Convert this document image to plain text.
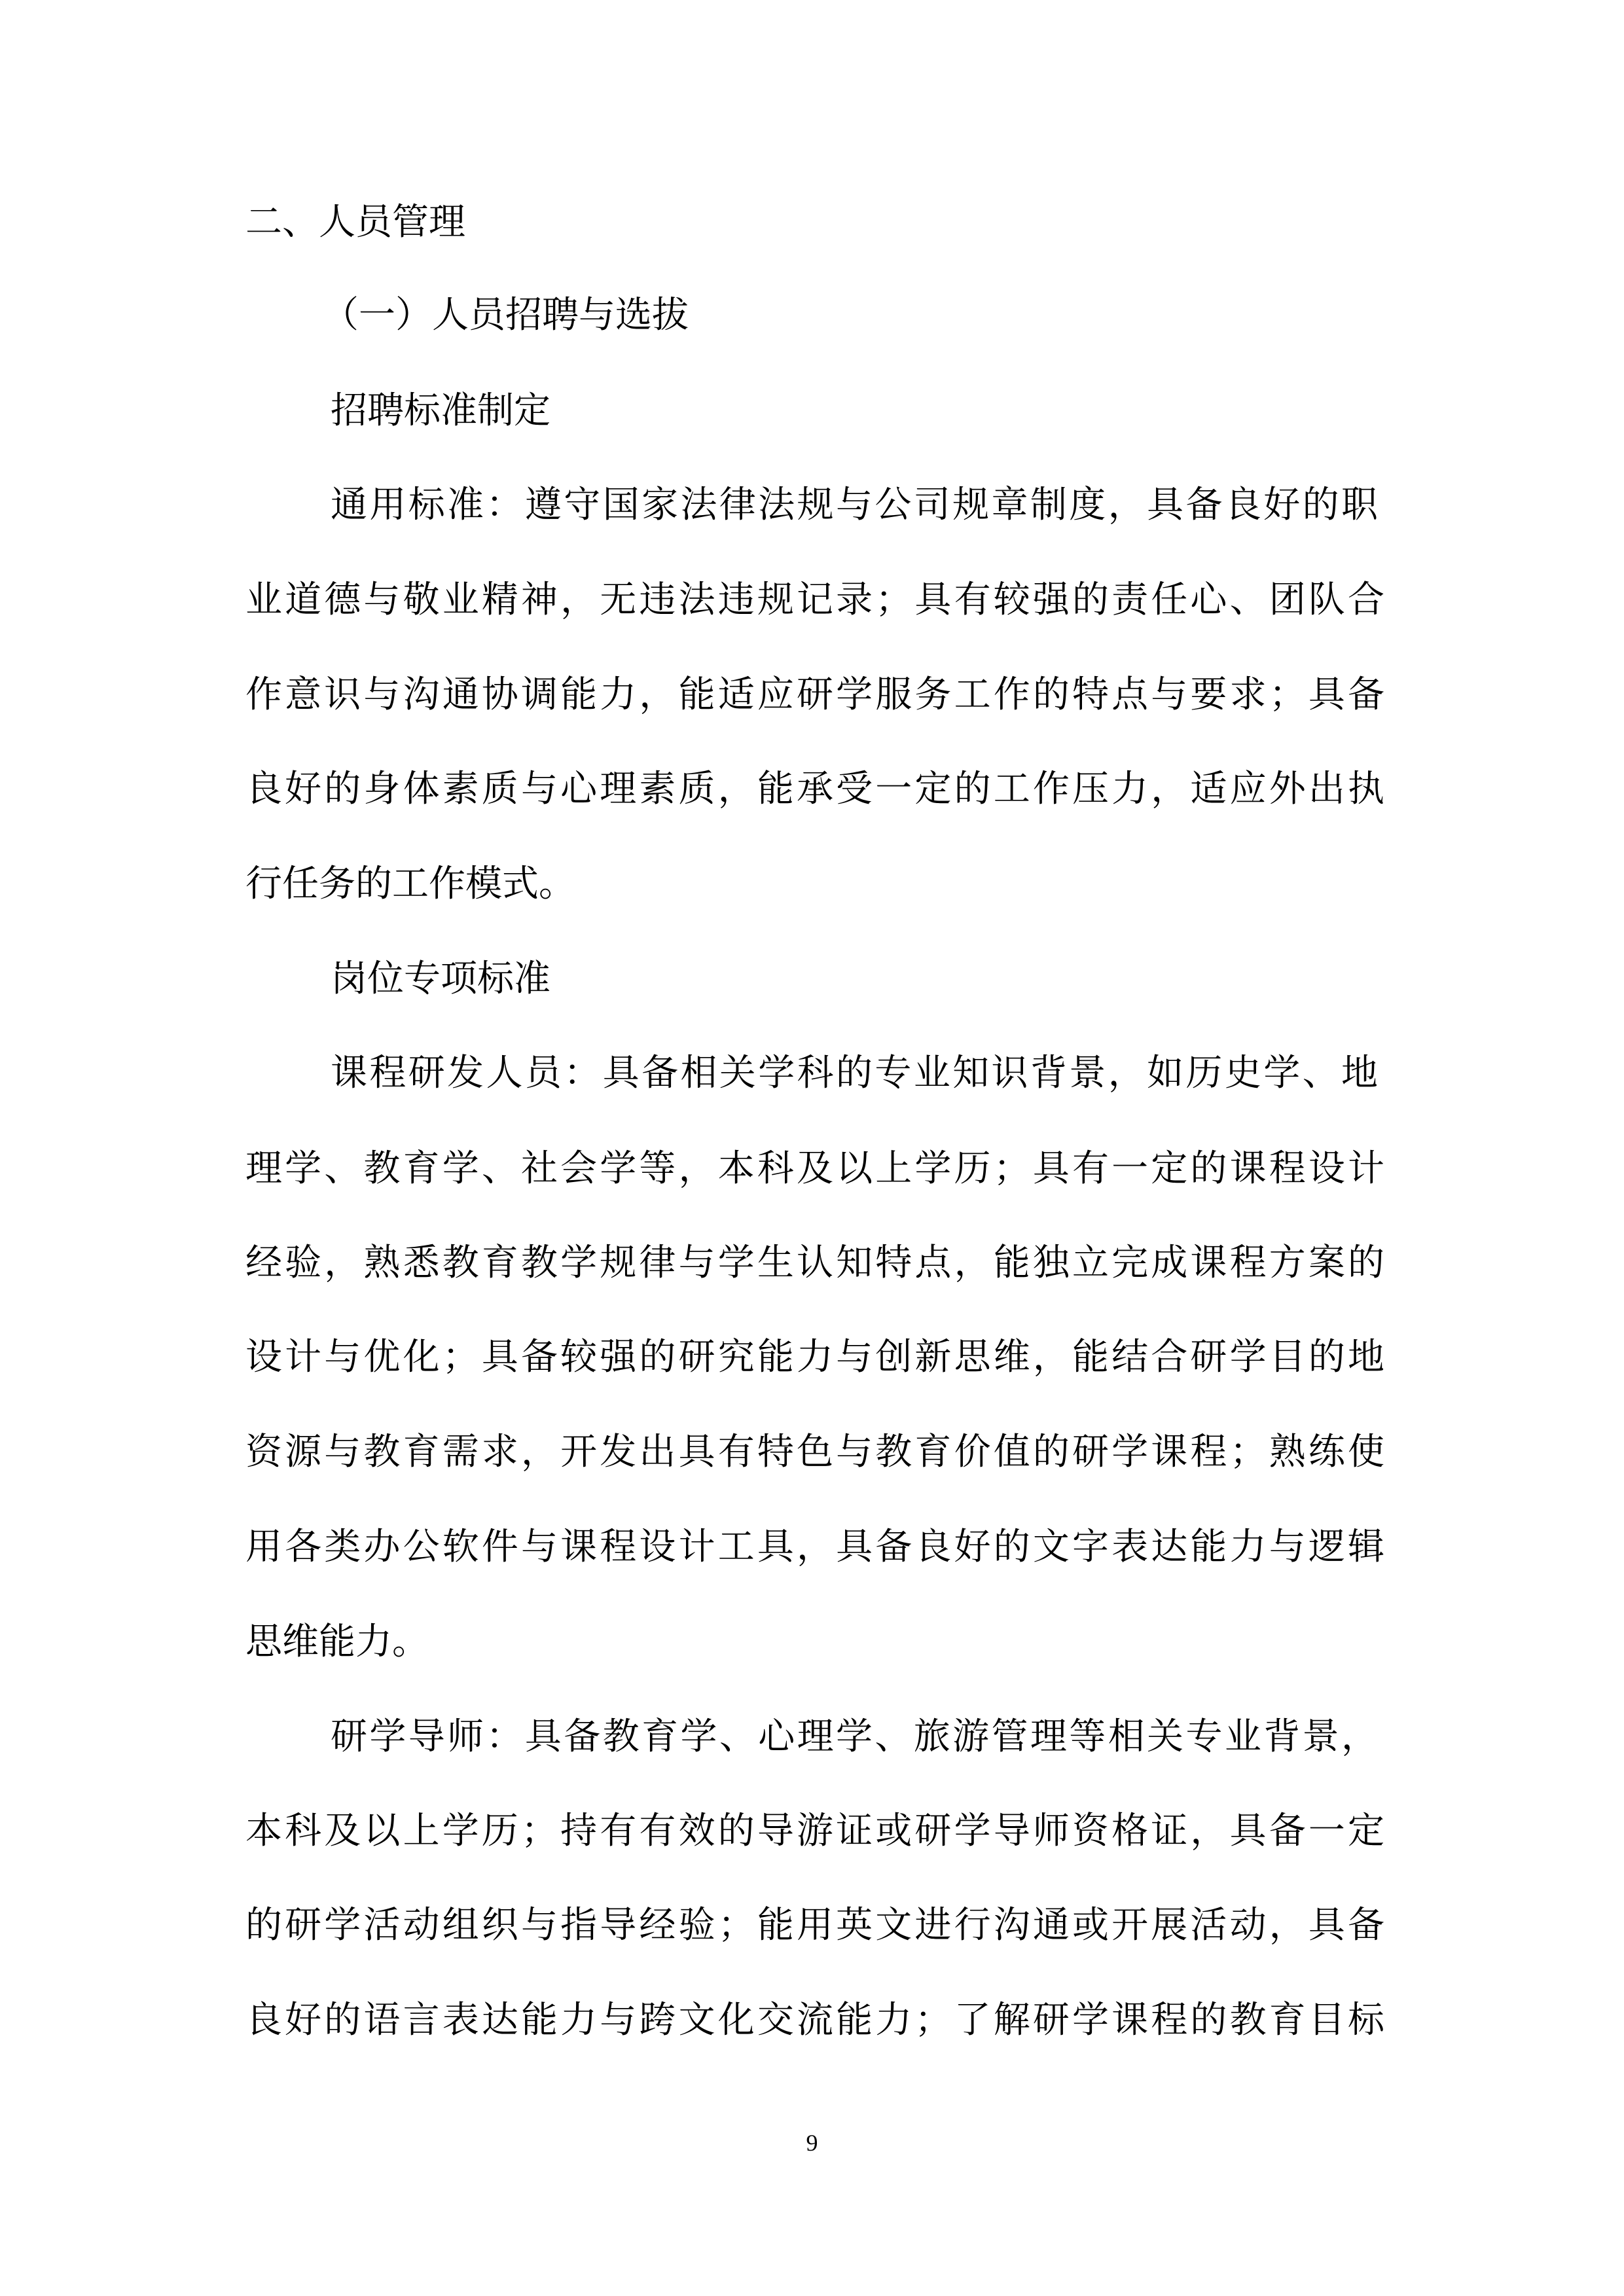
二、人员管理
（一）人员招聘与选拔
招聘标准制定
通用标准：遵守国家法律法规与公司规章制度，具备良好的职
业道德与敬业精神，无违法违规记录；具有较强的责任心、团队合
作意识与沟通协调能力，能适应研学服务工作的特点与要求；具备
良好的身体素质与心理素质，能承受一定的工作压力，适应外出执
行任务的工作模式。
岗位专项标准
课程研发人员：具备相关学科的专业知识背景，如历史学、地
理学、教育学、社会学等，本科及以上学历；具有一定的课程设计
经验，熟悉教育教学规律与学生认知特点，能独立完成课程方案的
设计与优化；具备较强的研究能力与创新思维，能结合研学目的地
资源与教育需求，开发出具有特色与教育价值的研学课程；熟练使
用各类办公软件与课程设计工具，具备良好的文字表达能力与逻辑
思维能力。
研学导师：具备教育学、心理学、旅游管理等相关专业背景，
本科及以上学历；持有有效的导游证或研学导师资格证，具备一定
的研学活动组织与指导经验；能用英文进行沟通或开展活动，具备
良好的语言表达能力与跨文化交流能力；了解研学课程的教育目标
9
